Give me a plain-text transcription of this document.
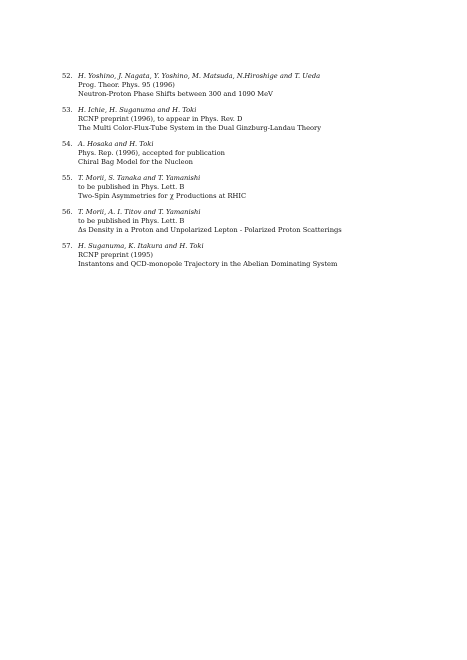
52. H. Yoshino, J. Nagata, Y. Yoshino, M. Matsuda, N.Hiroshige and T. Ueda
Prog. Theor. Phys. 95 (1996)
Neutron-Proton Phase Shifts between 300 and 1090 MeV
53. H. Ichie, H. Suganuma and H. Toki
RCNP preprint (1996), to appear in Phys. Rev. D
The Multi Color-Flux-Tube System in the Dual Ginzburg-Landau Theory
54. A. Hosaka and H. Toki
Phys. Rep. (1996), accepted for publication
Chiral Bag Model for the Nucleon
55. T. Morii, S. Tanaka and T. Yamanishi
to be published in Phys. Lett. B
Two-Spin Asymmetries for χ Productions at RHIC
56. T. Morii, A. I. Titov and T. Yamanishi
to be published in Phys. Lett. B
Δs Density in a Proton and Unpolarized Lepton - Polarized Proton Scatterings
57. H. Suganuma, K. Itakura and H. Toki
RCNP preprint (1995)
Instantons and QCD-monopole Trajectory in the Abelian Dominating System
